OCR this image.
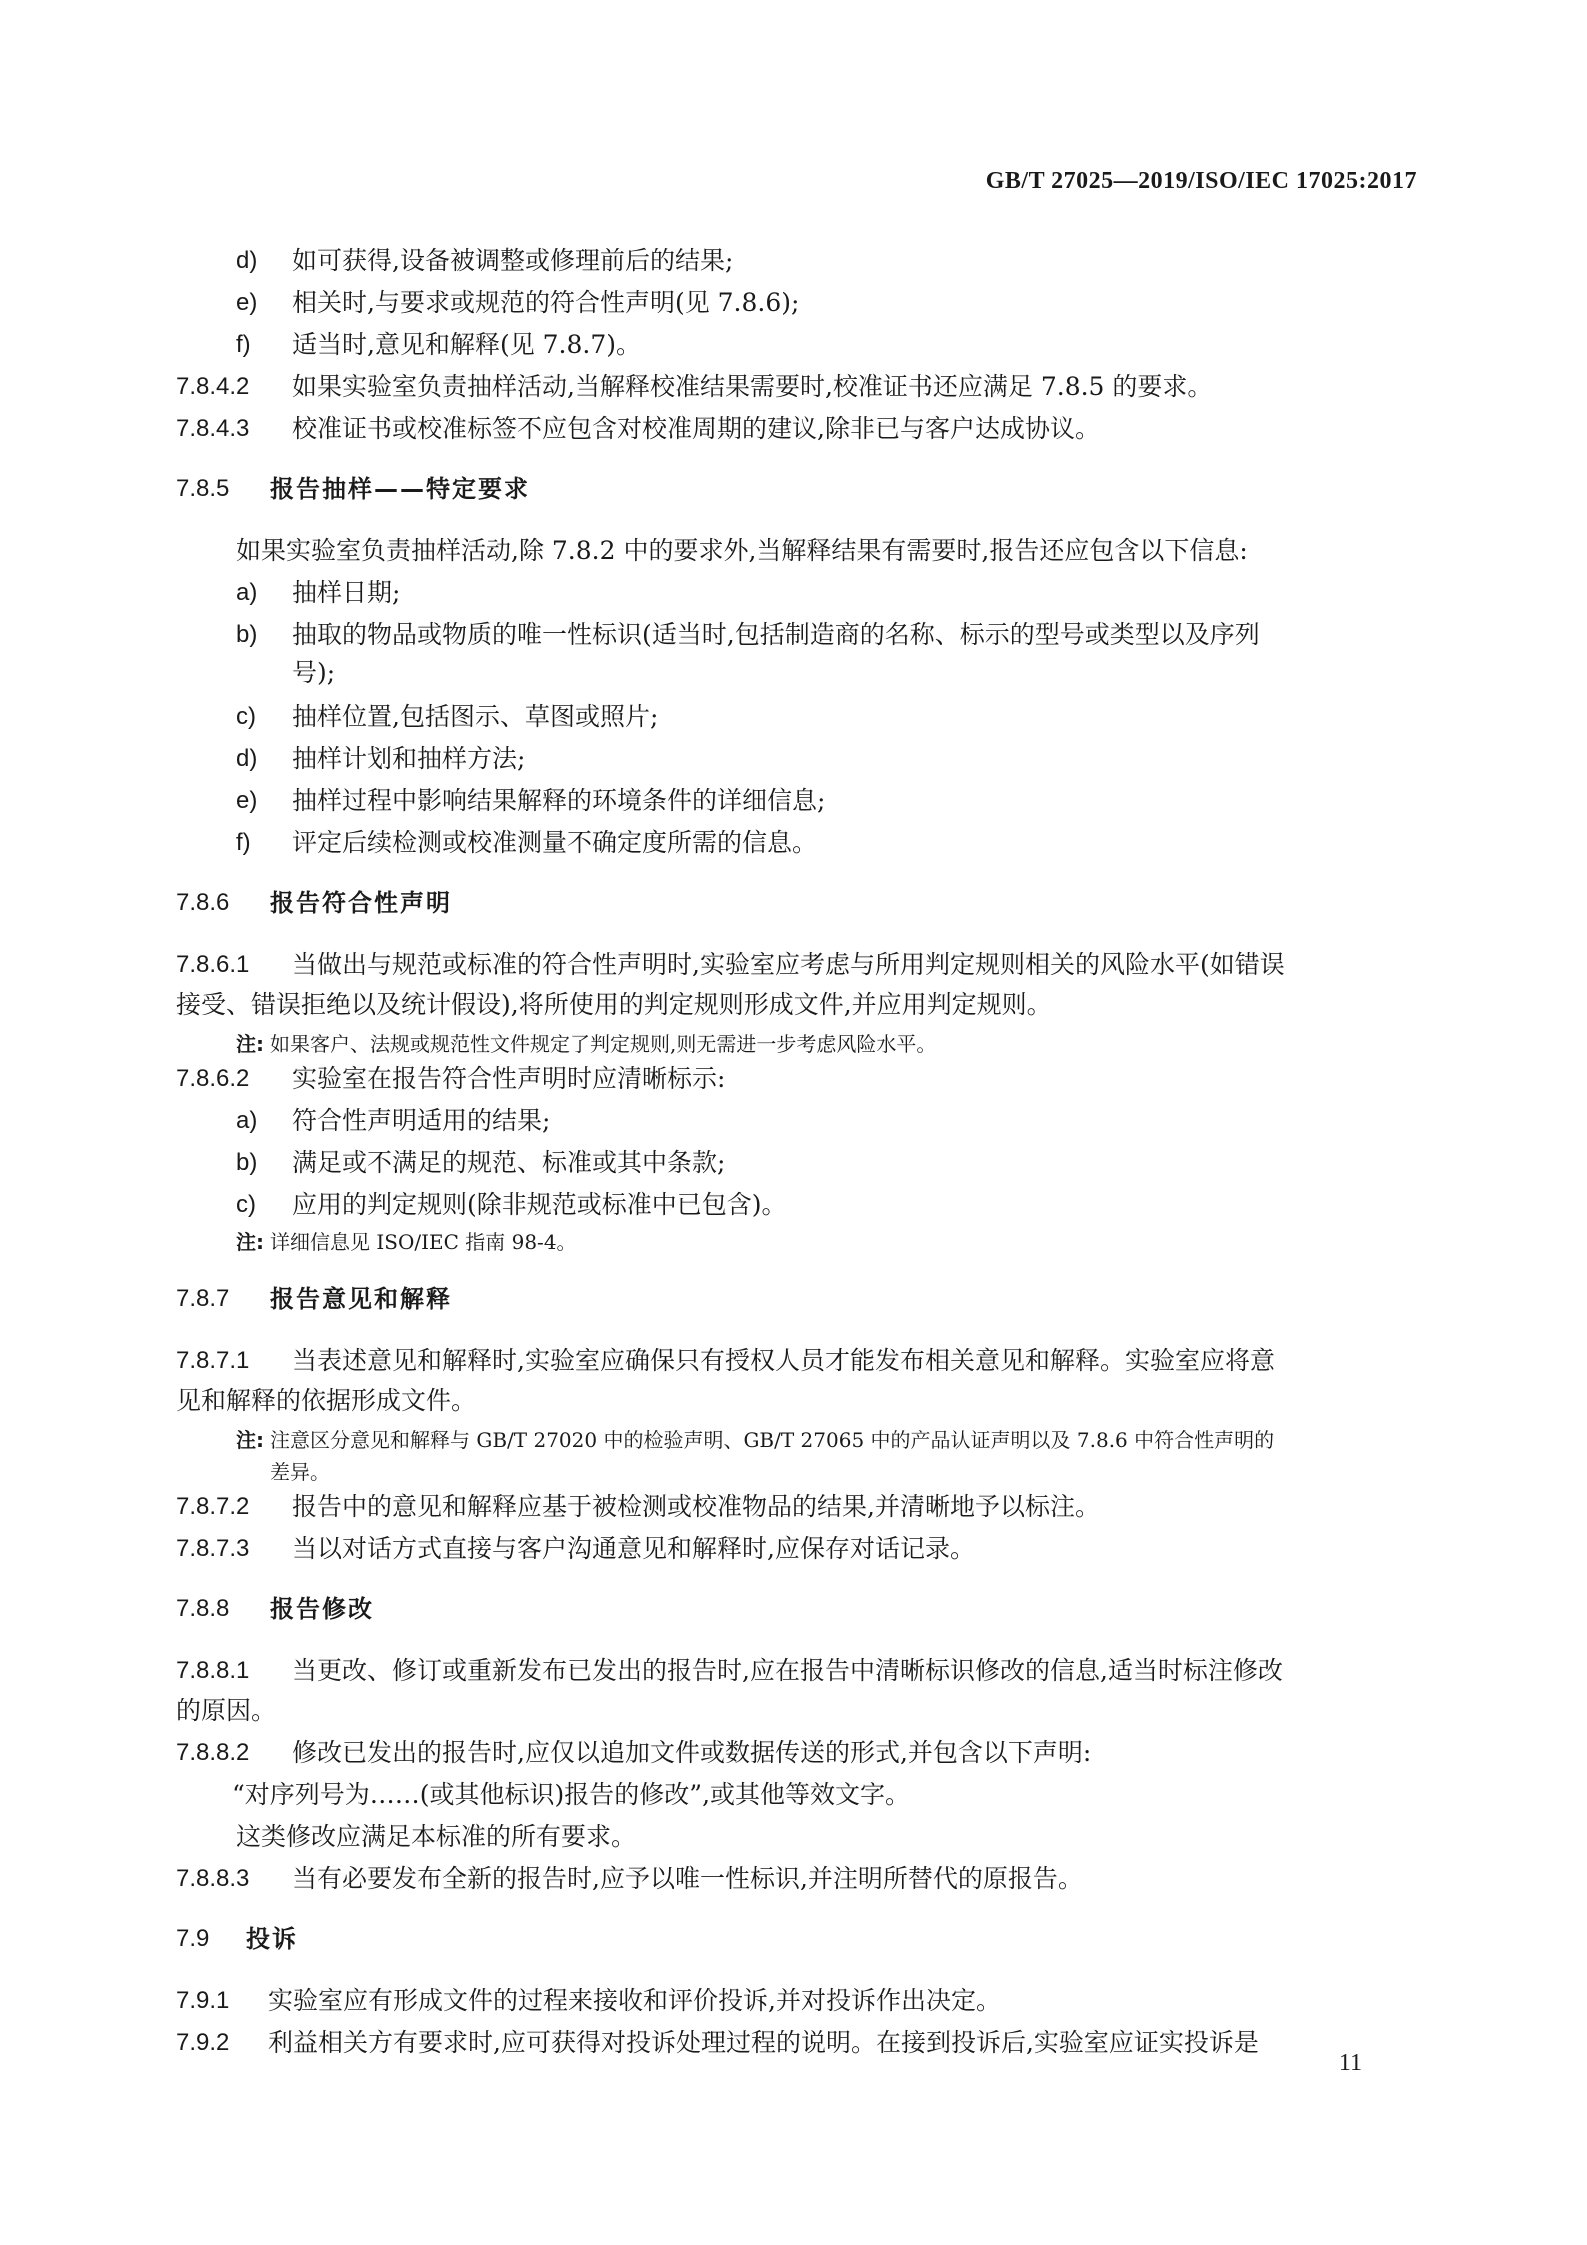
GB/T 27025—2019/ISO/IEC 17025:2017
d) 如可获得,设备被调整或修理前后的结果;
e) 相关时,与要求或规范的符合性声明(见 7.8.6);
f) 适当时,意见和解释(见 7.8.7)。
7.8.4.2 如果实验室负责抽样活动,当解释校准结果需要时,校准证书还应满足 7.8.5 的要求。
7.8.4.3 校准证书或校准标签不应包含对校准周期的建议,除非已与客户达成协议。
7.8.5 报告抽样——特定要求
如果实验室负责抽样活动,除 7.8.2 中的要求外,当解释结果有需要时,报告还应包含以下信息:
a) 抽样日期;
b) 抽取的物品或物质的唯一性标识(适当时,包括制造商的名称、标示的型号或类型以及序列
号);
c) 抽样位置,包括图示、草图或照片;
d) 抽样计划和抽样方法;
e) 抽样过程中影响结果解释的环境条件的详细信息;
f) 评定后续检测或校准测量不确定度所需的信息。
7.8.6 报告符合性声明
7.8.6.1 当做出与规范或标准的符合性声明时,实验室应考虑与所用判定规则相关的风险水平(如错误
接受、错误拒绝以及统计假设),将所使用的判定规则形成文件,并应用判定规则。
注: 如果客户、法规或规范性文件规定了判定规则,则无需进一步考虑风险水平。
7.8.6.2 实验室在报告符合性声明时应清晰标示:
a) 符合性声明适用的结果;
b) 满足或不满足的规范、标准或其中条款;
c) 应用的判定规则(除非规范或标准中已包含)。
注: 详细信息见 ISO/IEC 指南 98-4。
7.8.7 报告意见和解释
7.8.7.1 当表述意见和解释时,实验室应确保只有授权人员才能发布相关意见和解释。实验室应将意
见和解释的依据形成文件。
注: 注意区分意见和解释与 GB/T 27020 中的检验声明、GB/T 27065 中的产品认证声明以及 7.8.6 中符合性声明的
差异。
7.8.7.2 报告中的意见和解释应基于被检测或校准物品的结果,并清晰地予以标注。
7.8.7.3 当以对话方式直接与客户沟通意见和解释时,应保存对话记录。
7.8.8 报告修改
7.8.8.1 当更改、修订或重新发布已发出的报告时,应在报告中清晰标识修改的信息,适当时标注修改
的原因。
7.8.8.2 修改已发出的报告时,应仅以追加文件或数据传送的形式,并包含以下声明:
“对序列号为……(或其他标识)报告的修改”,或其他等效文字。
这类修改应满足本标准的所有要求。
7.8.8.3 当有必要发布全新的报告时,应予以唯一性标识,并注明所替代的原报告。
7.9 投诉
7.9.1 实验室应有形成文件的过程来接收和评价投诉,并对投诉作出决定。
7.9.2 利益相关方有要求时,应可获得对投诉处理过程的说明。在接到投诉后,实验室应证实投诉是
11
